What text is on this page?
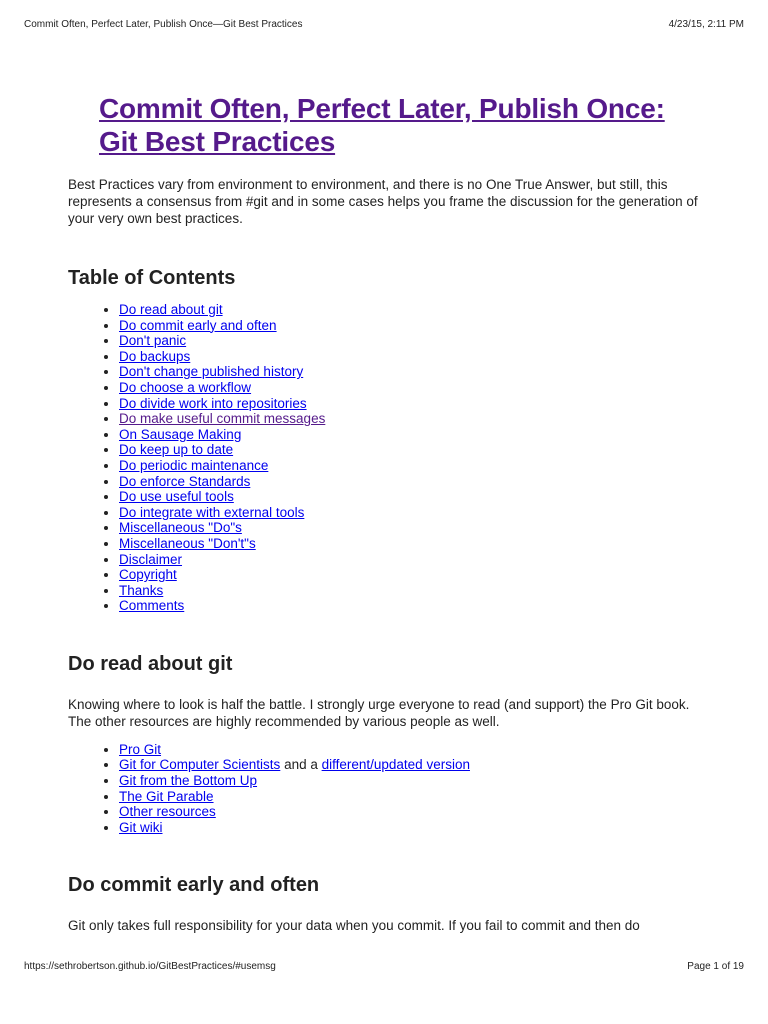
Commit Often, Perfect Later, Publish Once—Git Best Practices	4/23/15, 2:11 PM
Commit Often, Perfect Later, Publish Once: Git Best Practices

Best Practices vary from environment to environment, and there is no One True Answer, but still, this represents a consensus from #git and in some cases helps you frame the discussion for the generation of your very own best practices.

Table of Contents
• Do read about git
• Do commit early and often
• Don't panic
• Do backups
• Don't change published history
• Do choose a workflow
• Do divide work into repositories
• Do make useful commit messages
• On Sausage Making
• Do keep up to date
• Do periodic maintenance
• Do enforce Standards
• Do use useful tools
• Do integrate with external tools
• Miscellaneous "Do"s
• Miscellaneous "Don't"s
• Disclaimer
• Copyright
• Thanks
• Comments
Do read about git

Knowing where to look is half the battle. I strongly urge everyone to read (and support) the Pro Git book. The other resources are highly recommended by various people as well.

• Pro Git
• Git for Computer Scientists and a different/updated version
• Git from the Bottom Up
• The Git Parable
• Other resources
• Git wiki
Do commit early and often

Git only takes full responsibility for your data when you commit. If you fail to commit and then do

https://sethrobertson.github.io/GitBestPractices/#usemsg	Page 1 of 19
